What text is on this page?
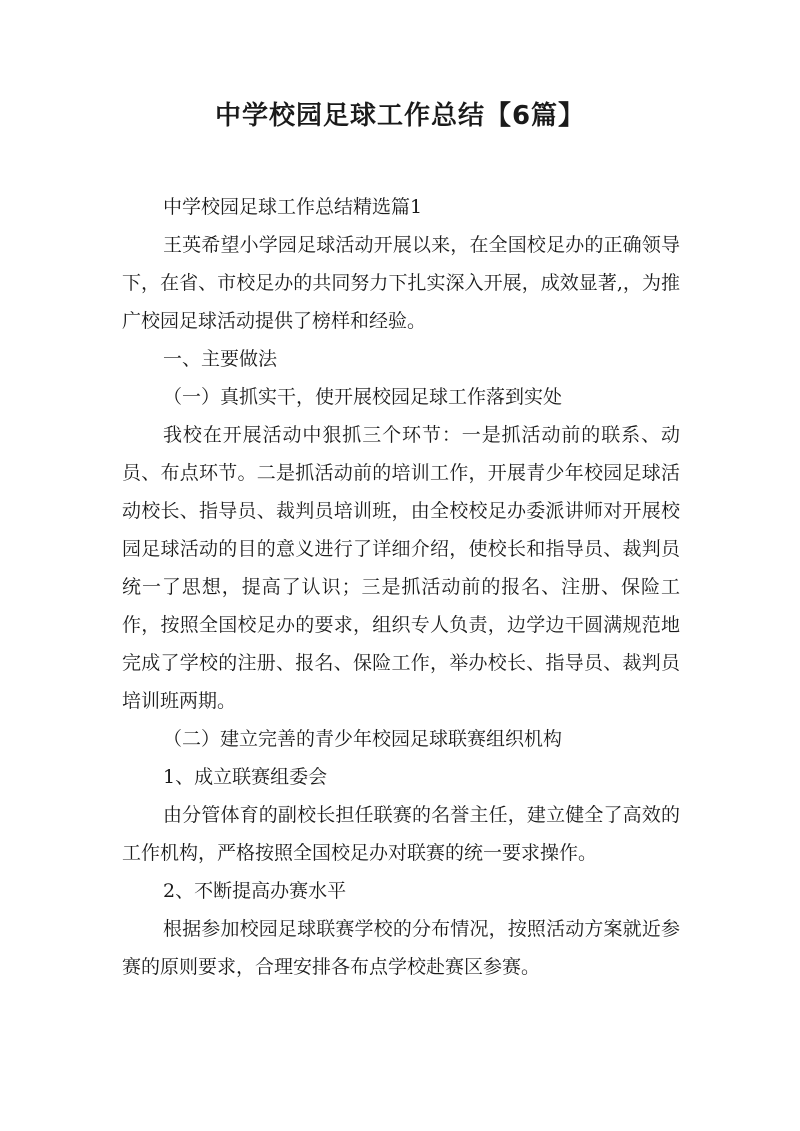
中学校园足球工作总结【6篇】

中学校园足球工作总结精选篇1

王英希望小学园足球活动开展以来，在全国校足办的正确领导下，在省、市校足办的共同努力下扎实深入开展，成效显著,，为推广校园足球活动提供了榜样和经验。

一、主要做法

（一）真抓实干，使开展校园足球工作落到实处

我校在开展活动中狠抓三个环节：一是抓活动前的联系、动员、布点环节。二是抓活动前的培训工作，开展青少年校园足球活动校长、指导员、裁判员培训班，由全校校足办委派讲师对开展校园足球活动的目的意义进行了详细介绍，使校长和指导员、裁判员统一了思想，提高了认识；三是抓活动前的报名、注册、保险工作，按照全国校足办的要求，组织专人负责，边学边干圆满规范地完成了学校的注册、报名、保险工作，举办校长、指导员、裁判员培训班两期。

（二）建立完善的青少年校园足球联赛组织机构

1、成立联赛组委会

由分管体育的副校长担任联赛的名誉主任，建立健全了高效的工作机构，严格按照全国校足办对联赛的统一要求操作。

2、不断提高办赛水平

根据参加校园足球联赛学校的分布情况，按照活动方案就近参赛的原则要求，合理安排各布点学校赴赛区参赛。
